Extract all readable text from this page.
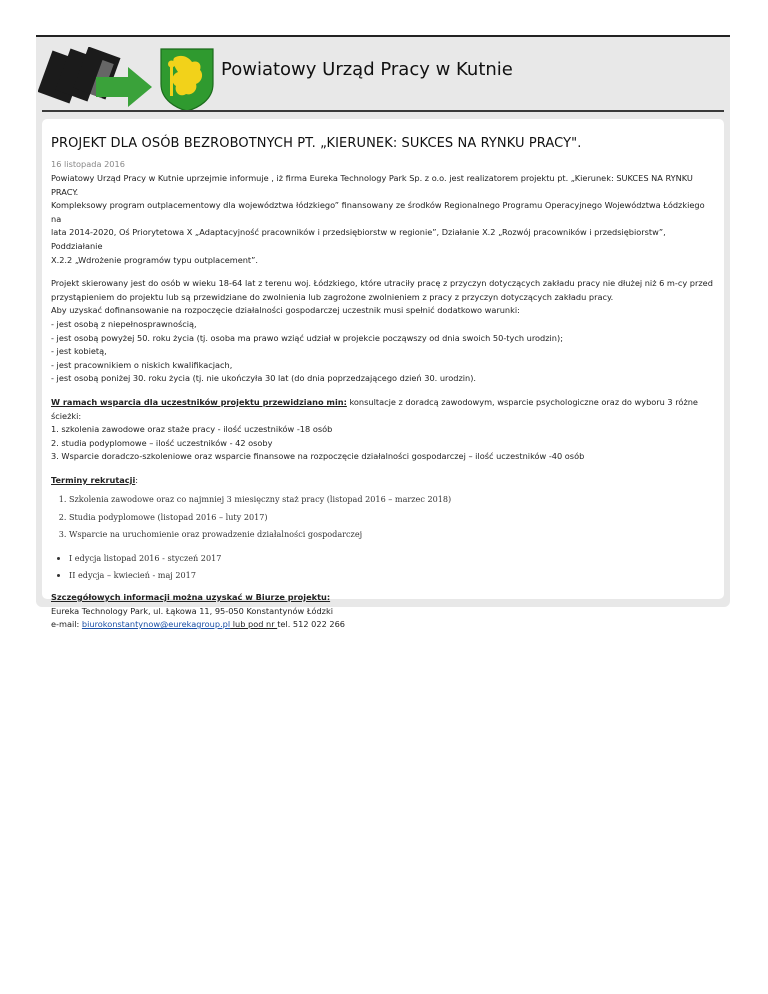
Powiatowy Urząd Pracy w Kutnie
PROJEKT DLA OSÓB BEZROBOTNYCH PT. „KIERUNEK: SUKCES NA RYNKU PRACY".
16 listopada 2016
Powiatowy Urząd Pracy w Kutnie uprzejmie informuje , iż firma Eureka Technology Park Sp. z o.o. jest realizatorem projektu pt. „Kierunek: SUKCES NA RYNKU PRACY.
Kompleksowy program outplacementowy dla województwa łódzkiego” finansowany ze środków Regionalnego Programu Operacyjnego Województwa Łódzkiego na
lata 2014-2020, Oś Priorytetowa X „Adaptacyjność pracowników i przedsiębiorstw w regionie”, Działanie X.2 „Rozwój pracowników i przedsiębiorstw”, Poddziałanie
X.2.2 „Wdrożenie programów typu outplacement”.
Projekt skierowany jest do osób w wieku 18-64 lat z terenu woj. Łódzkiego, które utraciły pracę z przyczyn dotyczących zakładu pracy nie dłużej niż 6 m-cy przed
przystąpieniem do projektu lub są przewidziane do zwolnienia lub zagrożone zwolnieniem z pracy z przyczyn dotyczących zakładu pracy.
Aby uzyskać dofinansowanie na rozpoczęcie działalności gospodarczej uczestnik musi spełnić dodatkowo warunki:
- jest osobą z niepełnosprawnością,
- jest osobą powyżej 50. roku życia (tj. osoba ma prawo wziąć udział w projekcie począwszy od dnia swoich 50-tych urodzin);
- jest kobietą,
- jest pracownikiem o niskich kwalifikacjach,
- jest osobą poniżej 30. roku życia (tj. nie ukończyła 30 lat (do dnia poprzedzającego dzień 30. urodzin).
W ramach wsparcia dla uczestników projektu przewidziano min: konsultacje z doradcą zawodowym, wsparcie psychologiczne oraz do wyboru 3 różne
ścieżki:
1. szkolenia zawodowe oraz staże pracy - ilość uczestników -18 osób
2. studia podyplomowe – ilość uczestników - 42 osoby
3. Wsparcie doradczo-szkoleniowe oraz wsparcie finansowe na rozpoczęcie działalności gospodarczej – ilość uczestników -40 osób
Terminy rekrutacji:
1. Szkolenia zawodowe oraz co najmniej 3 miesięczny staż pracy (listopad 2016 – marzec 2018)
2. Studia podyplomowe (listopad 2016 – luty 2017)
3. Wsparcie na uruchomienie oraz prowadzenie działalności gospodarczej
• I edycja listopad 2016 - styczeń 2017
• II edycja – kwiecień - maj 2017
Szczegółowych informacji można uzyskać w Biurze projektu:
Eureka Technology Park, ul. Łąkowa 11, 95-050 Konstantynów Łódzki
e-mail: biurokonstantynow@eurekagroup.pl lub pod nr tel. 512 022 266
